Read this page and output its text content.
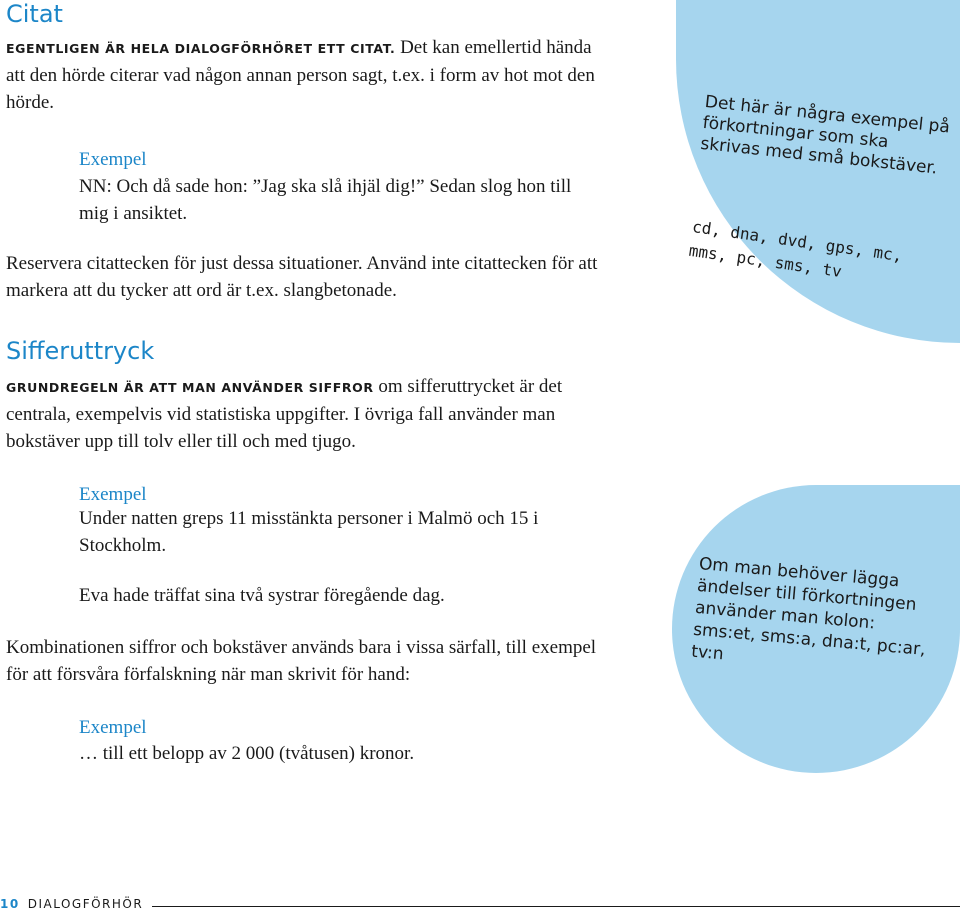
Citat

EGENTLIGEN ÄR HELA DIALOGFÖRHÖRET ETT CITAT. Det kan emellertid hända att den hörde citerar vad någon annan person sagt, t.ex. i form av hot mot den hörde.

Exempel

NN: Och då sade hon: ”Jag ska slå ihjäl dig!” Sedan slog hon till mig i ansiktet.

Reservera citattecken för just dessa situationer. Använd inte citattecken för att markera att du tycker att ord är t.ex. slangbetonade.

Det här är några exempel på förkortningar som ska skrivas med små bokstäver.

cd, dna, dvd, gps, mc, mms, pc, sms, tv

Sifferuttryck

GRUNDREGELN ÄR ATT MAN ANVÄNDER SIFFROR om sifferuttrycket är det centrala, exempelvis vid statistiska uppgifter. I övriga fall använder man bokstäver upp till tolv eller till och med tjugo.

Exempel

Under natten greps 11 misstänkta personer i Malmö och 15 i Stockholm.

Eva hade träffat sina två systrar föregående dag.

Kombinationen siffror och bokstäver används bara i vissa särfall, till exempel för att försvåra förfalskning när man skrivit för hand:

Exempel

… till ett belopp av 2 000 (tvåtusen) kronor.

Om man behöver lägga ändelser till förkortningen använder man kolon: sms:et, sms:a, dna:t, pc:ar, tv:n

10 DIALOGFÖRHÖR
